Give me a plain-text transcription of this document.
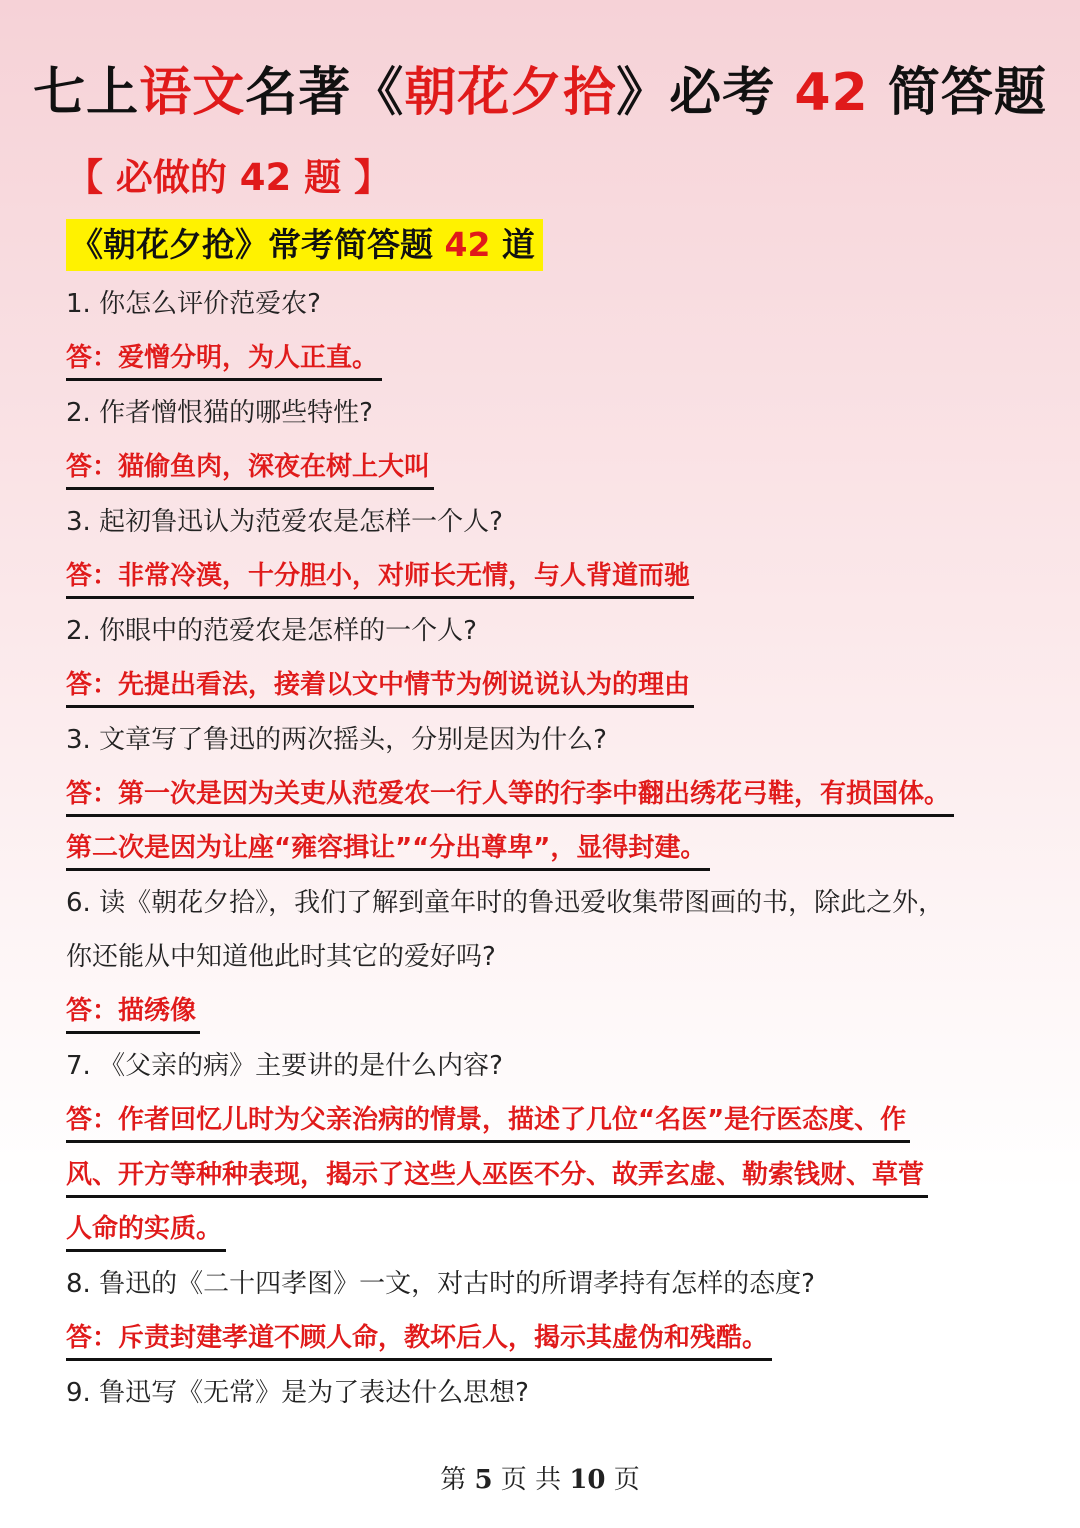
七上语文名著《朝花夕拾》必考 42 简答题
【 必做的 42 题 】
《朝花夕抢》常考简答题 42 道
1. 你怎么评价范爱农?
答：爱憎分明，为人正直。
2. 作者憎恨猫的哪些特性?
答：猫偷鱼肉，深夜在树上大叫
3. 起初鲁迅认为范爱农是怎样一个人?
答：非常冷漠，十分胆小，对师长无情，与人背道而驰
2. 你眼中的范爱农是怎样的一个人?
答：先提出看法，接着以文中情节为例说说认为的理由
3. 文章写了鲁迅的两次摇头，分别是因为什么?
答：第一次是因为关吏从范爱农一行人等的行李中翻出绣花弓鞋，有损国体。
第二次是因为让座“雍容揖让”“分出尊卑”，显得封建。
6. 读《朝花夕拾》，我们了解到童年时的鲁迅爱收集带图画的书，除此之外，
你还能从中知道他此时其它的爱好吗?
答：描绣像
7. 《父亲的病》主要讲的是什么内容?
答：作者回忆儿时为父亲治病的情景，描述了几位“名医”是行医态度、作
风、开方等种种表现，揭示了这些人巫医不分、故弄玄虚、勒索钱财、草菅
人命的实质。
8. 鲁迅的《二十四孝图》一文，对古时的所谓孝持有怎样的态度?
答：斥责封建孝道不顾人命，教坏后人，揭示其虚伪和残酷。
9. 鲁迅写《无常》是为了表达什么思想?
第 5 页 共 10 页
